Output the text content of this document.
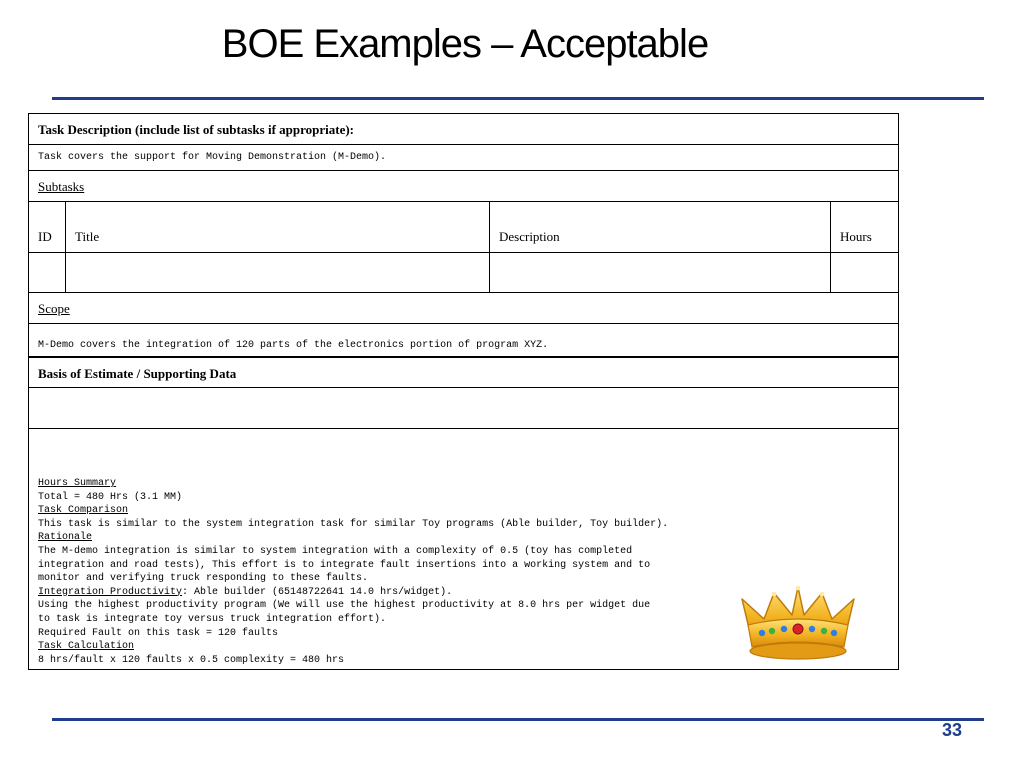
BOE Examples – Acceptable
Task Description (include list of subtasks if appropriate):
Task covers the support for Moving Demonstration (M-Demo).
Subtasks
ID Title	Description	Hours
Scope
M-Demo covers the integration of 120 parts of the electronics portion of program XYZ.
Basis of Estimate / Supporting Data
Hours Summary
Total = 480 Hrs (3.1 MM)
Task Comparison
This task is similar to the system integration task for similar Toy programs (Able builder, Toy builder).
Rationale
The M-demo integration is similar to system integration with a complexity of 0.5 (toy has completed
integration and road tests), This effort is to integrate fault insertions into a working system and to
monitor and verifying truck responding to these faults.
Integration Productivity: Able builder (65148722641 14.0 hrs/widget).
Using the highest productivity program (We will use the highest productivity at 8.0 hrs per widget due
to task is integrate toy versus truck integration effort).
Required Fault on this task = 120 faults
Task Calculation
8 hrs/fault x 120 faults x 0.5 complexity = 480 hrs
33
